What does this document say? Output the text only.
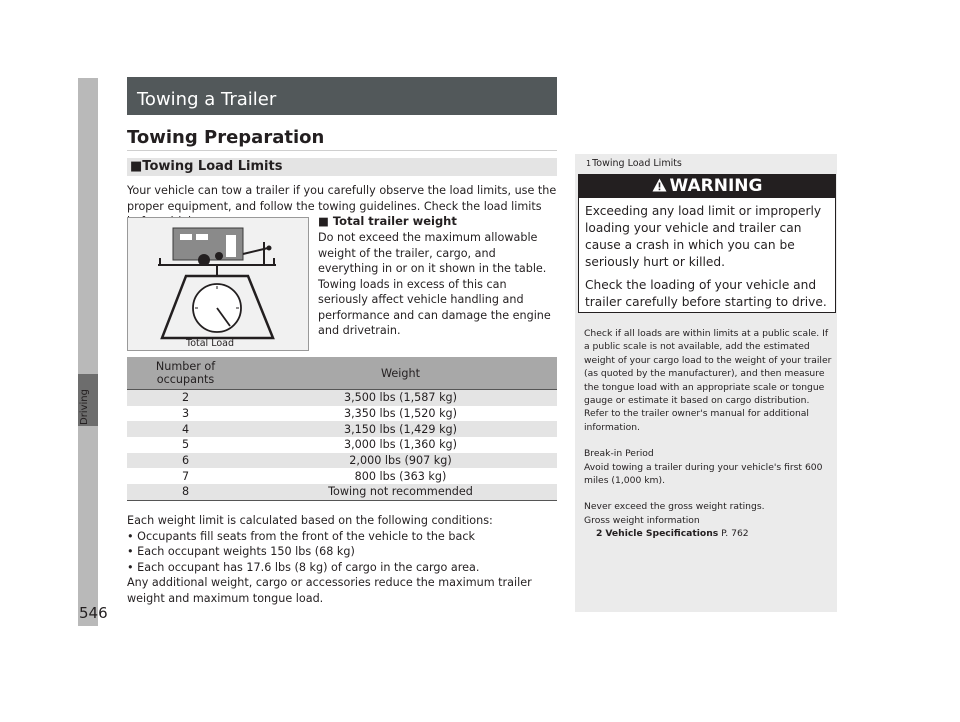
Driving
546
Towing a Trailer
Towing Preparation
■Towing Load Limits
Your vehicle can tow a trailer if you carefully observe the load limits, use the proper equipment, and follow the towing guidelines. Check the load limits
Total Load
■ Total trailer weight
Do not exceed the maximum allowable weight of the trailer, cargo, and everything in or on it shown in the table. Towing loads in excess of this can seriously affect vehicle handling and performance and can damage the engine and drivetrain.
Number of occupants	Weight
2	3,500 lbs (1,587 kg)
3	3,350 lbs (1,520 kg)
4	3,150 lbs (1,429 kg)
5	3,000 lbs (1,360 kg)
6	2,000 lbs (907 kg)
7	800 lbs (363 kg)
8	Towing not recommended

Each weight limit is calculated based on the following conditions:

• Occupants fill seats from the front of the vehicle to the back

• Each occupant weights 150 lbs (68 kg)

• Each occupant has 17.6 lbs (8 kg) of cargo in the cargo area.

Any additional weight, cargo or accessories reduce the maximum trailer weight and maximum tongue load.

1Towing Load Limits
WARNING

Exceeding any load limit or improperly loading your vehicle and trailer can cause a crash in which you can be seriously hurt or killed.

Check the loading of your vehicle and trailer carefully before starting to drive.

Check if all loads are within limits at a public scale. If a public scale is not available, add the estimated weight of your cargo load to the weight of your trailer (as quoted by the manufacturer), and then measure the tongue load with an appropriate scale or tongue gauge or estimate it based on cargo distribution. Refer to the trailer owner's manual for additional information.

Break-in Period
Avoid towing a trailer during your vehicle's first 600 miles (1,000 km).

Never exceed the gross weight ratings.
Gross weight information
2 Vehicle Specifications P. 762
